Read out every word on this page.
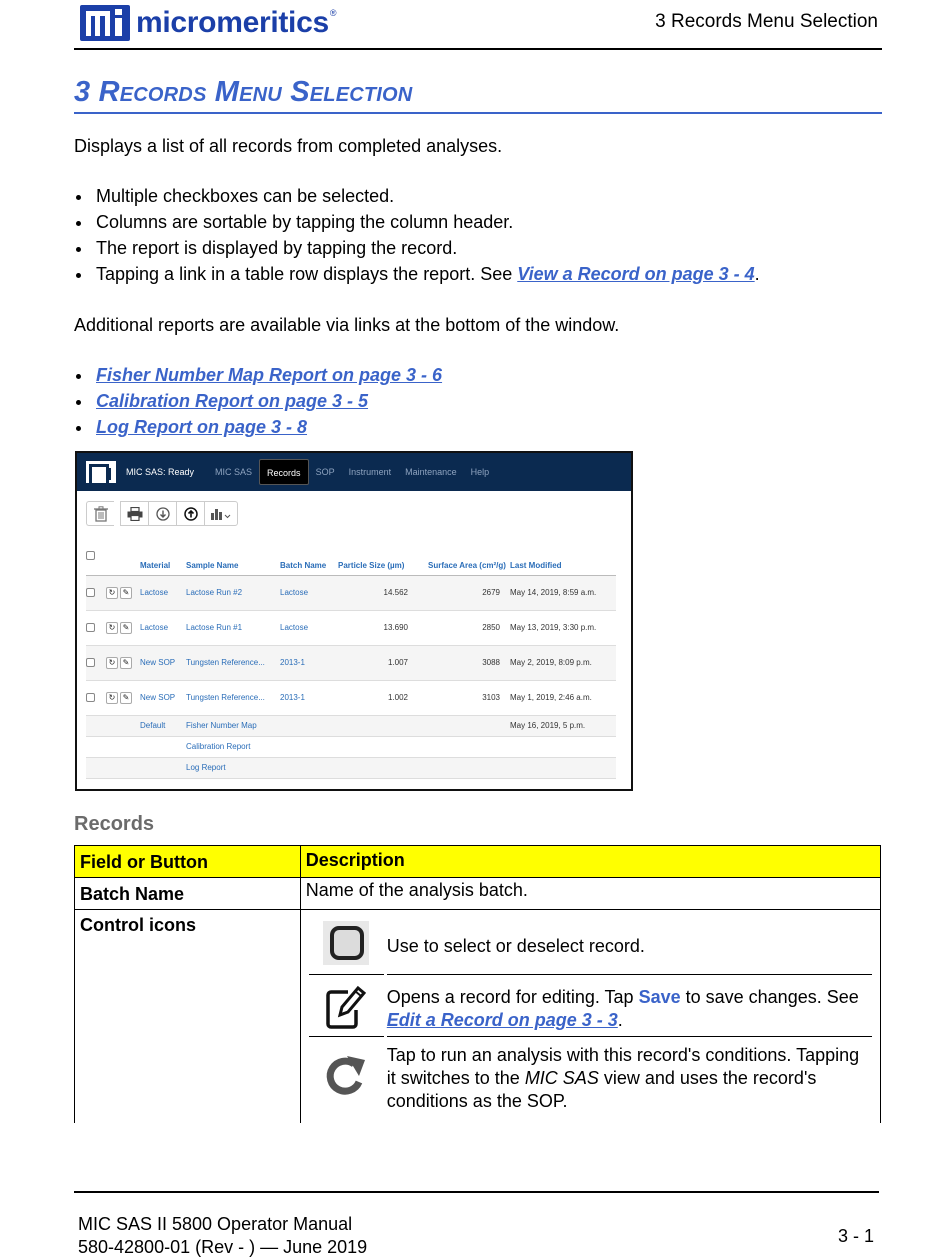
micromeritics ®	3 Records Menu Selection
3 Records Menu Selection
Displays a list of all records from completed analyses.
Multiple checkboxes can be selected.
Columns are sortable by tapping the column header.
The report is displayed by tapping the record.
Tapping a link in a table row displays the report. See View a Record on page 3 - 4.
Additional reports are available via links at the bottom of the window.
Fisher Number Map Report on page 3 - 6
Calibration Report on page 3 - 5
Log Report on page 3 - 8
MIC SAS: Ready	MIC SAS	Records	SOP	Instrument	Maintenance	Help
		Material	Sample Name	Batch Name	Particle Size (µm)	Surface Area (cm²/g)	Last Modified
	↻ ✎	Lactose	Lactose Run #2	Lactose	14.562	2679	May 14, 2019, 8:59 a.m.
	↻ ✎	Lactose	Lactose Run #1	Lactose	13.690	2850	May 13, 2019, 3:30 p.m.
	↻ ✎	New SOP	Tungsten Reference...	2013-1	1.007	3088	May 2, 2019, 8:09 p.m.
	↻ ✎	New SOP	Tungsten Reference...	2013-1	1.002	3103	May 1, 2019, 2:46 a.m.
		Default	Fisher Number Map				May 16, 2019, 5 p.m.
			Calibration Report				
			Log Report				
Records
Field or Button	Description
Batch Name	Name of the analysis batch.
Control icons	Use to select or deselect record.
Opens a record for editing. Tap Save to save changes. See Edit a Record on page 3 - 3.
Tap to run an analysis with this record's conditions. Tapping it switches to the MIC SAS view and uses the record's conditions as the SOP.
MIC SAS II 5800 Operator Manual
580-42800-01 (Rev - ) — June 2019
3 - 1
